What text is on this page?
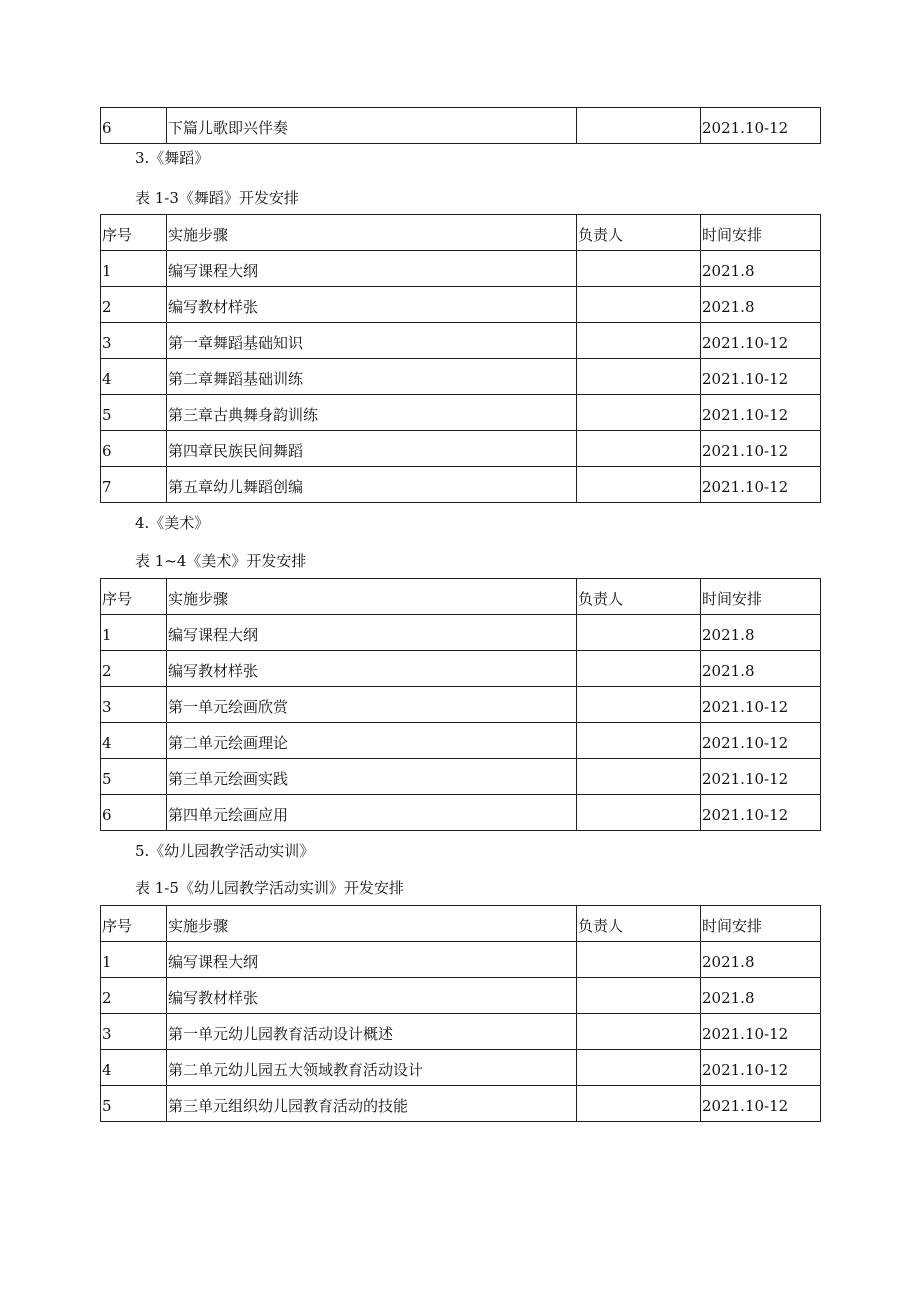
6	下篇儿歌即兴伴奏		2021.10-12
3.《舞蹈》
表 1-3《舞蹈》开发安排
序号	实施步骤	负责人	时间安排
1	编写课程大纲		2021.8
2	编写教材样张		2021.8
3	第一章舞蹈基础知识		2021.10-12
4	第二章舞蹈基础训练		2021.10-12
5	第三章古典舞身韵训练		2021.10-12
6	第四章民族民间舞蹈		2021.10-12
7	第五章幼儿舞蹈创编		2021.10-12
4.《美术》
表 1~4《美术》开发安排
序号	实施步骤	负责人	时间安排
1	编写课程大纲		2021.8
2	编写教材样张		2021.8
3	第一单元绘画欣赏		2021.10-12
4	第二单元绘画理论		2021.10-12
5	第三单元绘画实践		2021.10-12
6	第四单元绘画应用		2021.10-12
5.《幼儿园教学活动实训》
表 1-5《幼儿园教学活动实训》开发安排
序号	实施步骤	负责人	时间安排
1	编写课程大纲		2021.8
2	编写教材样张		2021.8
3	第一单元幼儿园教育活动设计概述		2021.10-12
4	第二单元幼儿园五大领域教育活动设计		2021.10-12
5	第三单元组织幼儿园教育活动的技能		2021.10-12
